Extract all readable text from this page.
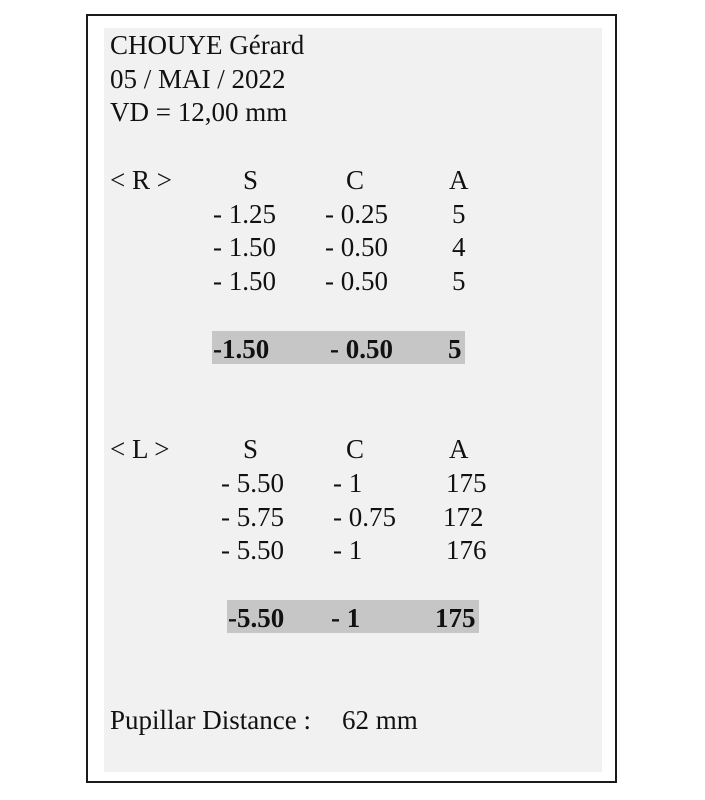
CHOUYE Gérard
05 / MAI / 2022
VD = 12,00 mm
< R >	S	C	A
- 1.25 - 0.25 5
- 1.50 - 0.50 4
- 1.50 - 0.50 5
-1.50 - 0.50 5
< L >	S	C	A
- 5.50 - 1	175
- 5.75 - 0.75 172
- 5.50 - 1	176
-5.50 - 1	175
Pupillar Distance : 62 mm
